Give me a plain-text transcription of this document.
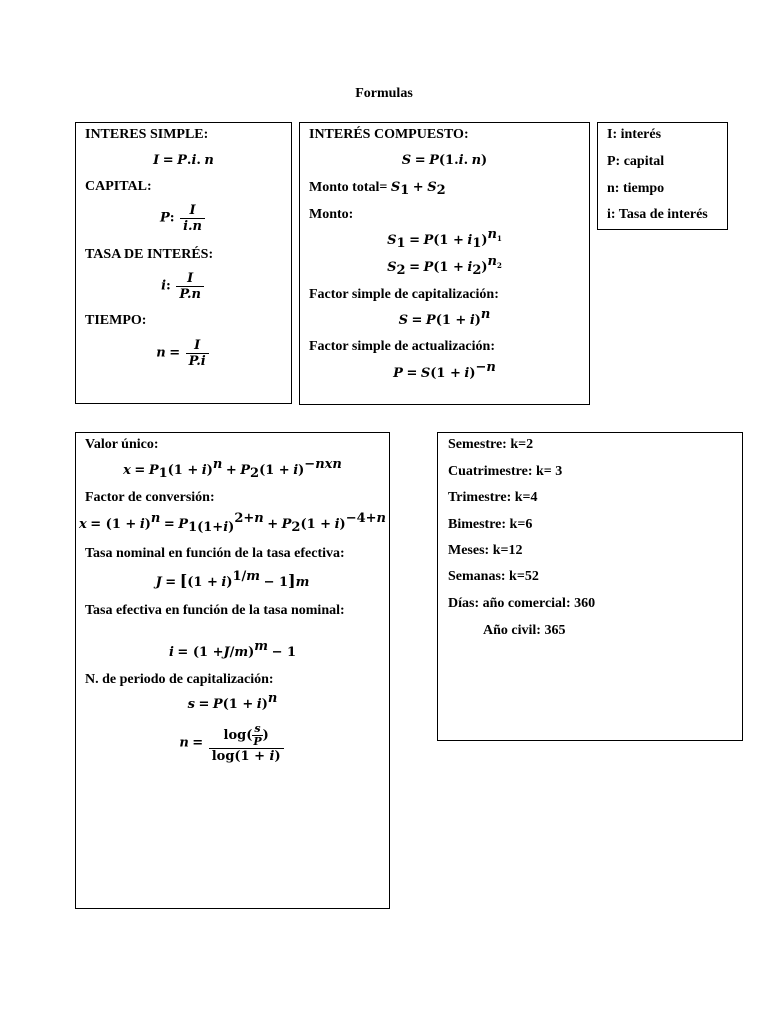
Formulas
INTERES SIMPLE:
I = P.i. n
CAPITAL:
P: $\frac{I}{i.n}$
TASA DE INTERÉS:
i: $\frac{I}{P.n}$
TIEMPO:
$n = \frac{I}{P.i}$
INTERÉS COMPUESTO:
S = P(1.i. n)
Monto total= $S_1 + S_2$
Monto:
$S_1 = P(1 + i_1)^{n_1}$
$S_2 = P(1 + i_2)^{n_2}$
Factor simple de capitalización:
$S = P(1 + i)^n$
Factor simple de actualización:
$P = S(1 + i)^{-n}$
I: interés
P: capital
n: tiempo
i: Tasa de interés
Valor único:
$x = P_1(1 + i)^n + P_2(1 + i)^{-nxn}$
Factor de conversión:
$x = (1 + i)^n = P_{1(1+i)}^{2+n} + P_2(1 + i)^{-4+n}$
Tasa nominal en función de la tasa efectiva:
$J = [(1 + i)^{1/m} - 1]m$
Tasa efectiva en función de la tasa nominal:
$i = (1 +J/m)^m - 1$
N. de periodo de capitalización:
$s = P(1 + i)^n$
$n = \frac{\log( \frac{s}{P} )}{\log(1 + i)}$
Semestre: k=2
Cuatrimestre: k= 3
Trimestre: k=4
Bimestre: k=6
Meses: k=12
Semanas: k=52
Días: año comercial: 360
Año civil: 365
